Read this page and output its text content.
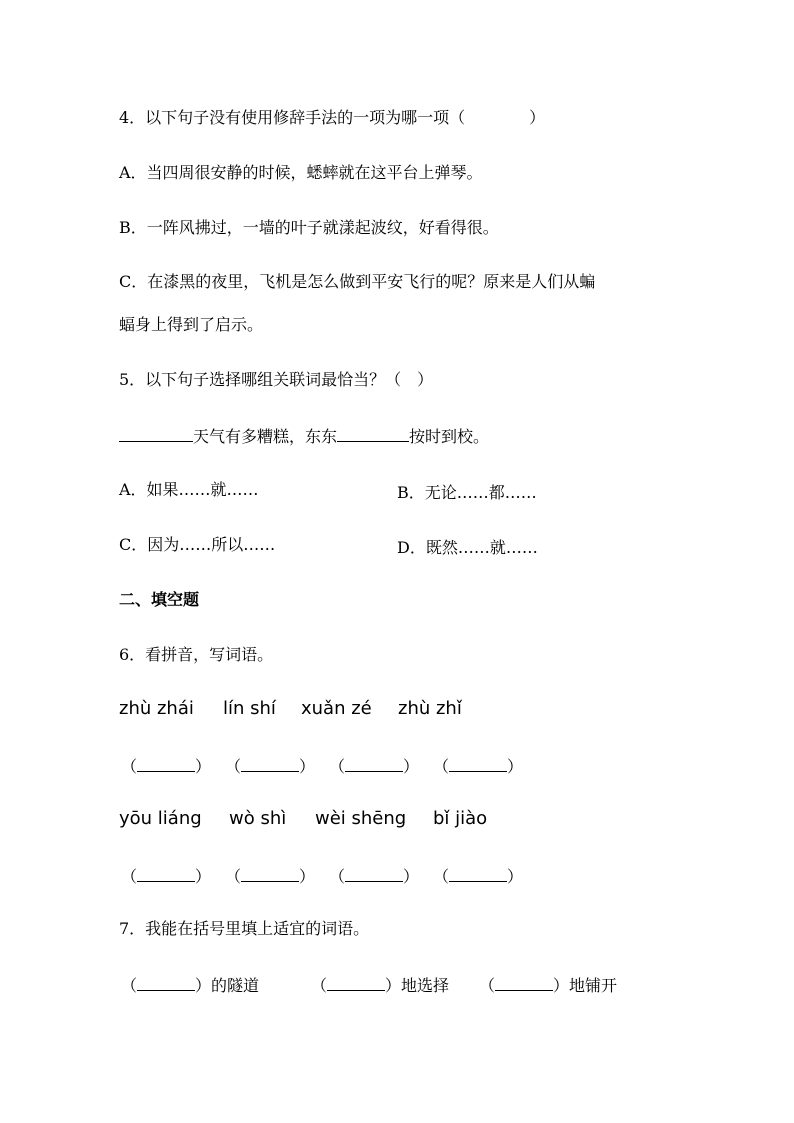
4．以下句子没有使用修辞手法的一项为哪一项（　　　　）
A．当四周很安静的时候，蟋蟀就在这平台上弹琴。
B．一阵风拂过，一墙的叶子就漾起波纹，好看得很。
C．在漆黑的夜里，飞机是怎么做到平安飞行的呢？原来是人们从蝙
蝠身上得到了启示。
5．以下句子选择哪组关联词最恰当？（　）
天气有多糟糕，东东	按时到校。
A．如果……就……	B．无论……都……
C．因为……所以……	D．既然……就……
二、填空题
6．看拼音，写词语。
zhù zhái lín shí xuǎn zé zhù zhǐ
（	） （	） （	） （	）
yōu liáng wò shì wèi shēng bǐ jiào
（	） （	） （	） （	）
7．我能在括号里填上适宜的词语。
（	）的隧道	（	）地选择 （	）地铺开
